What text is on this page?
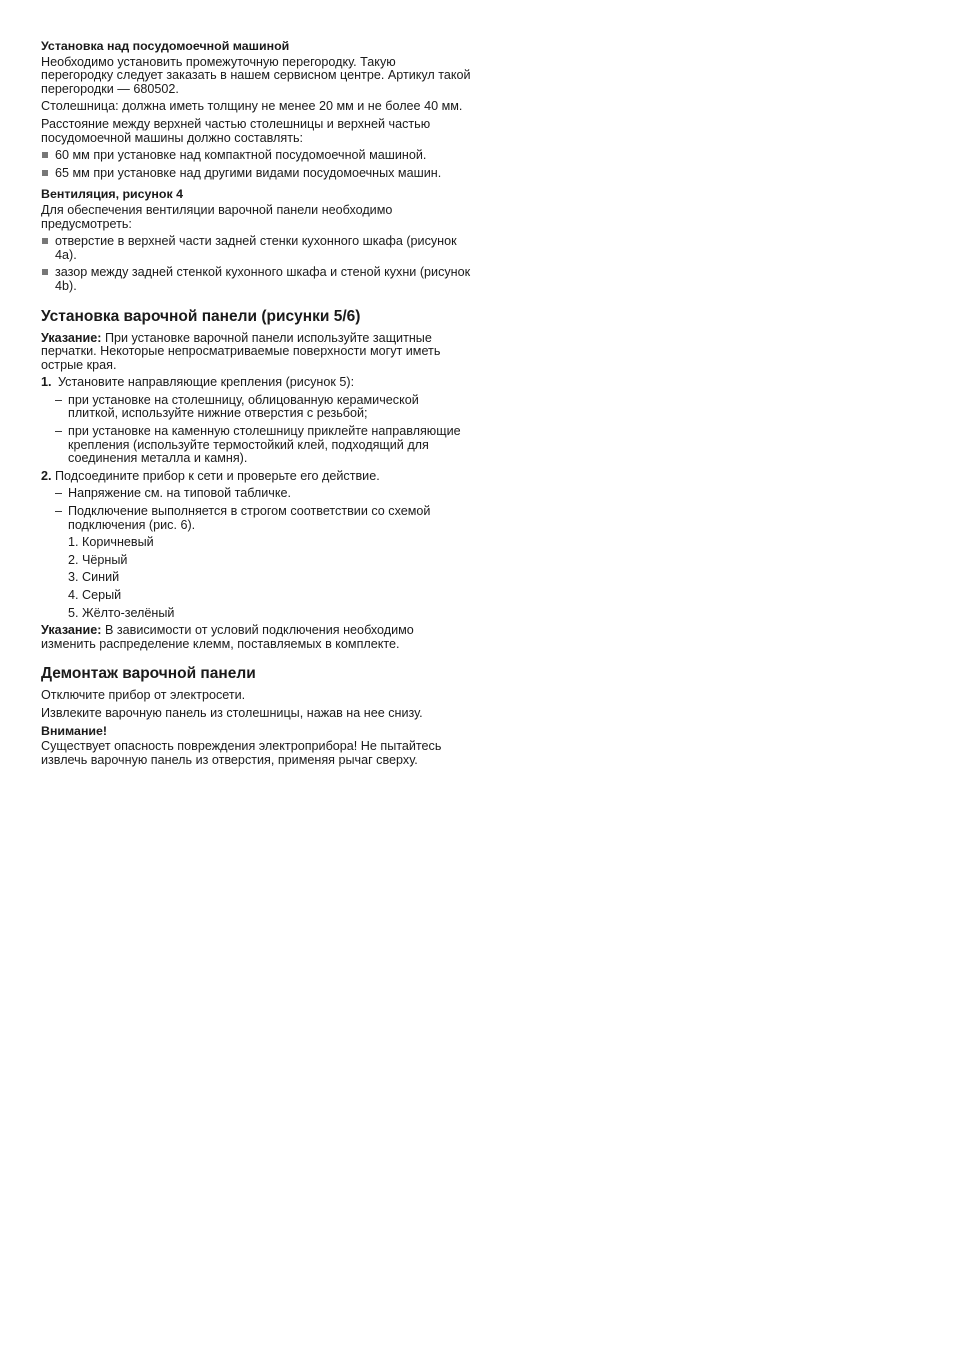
Установка над посудомоечной машиной
Необходимо установить промежуточную перегородку. Такую перегородку следует заказать в нашем сервисном центре. Артикул такой перегородки — 680502.
Столешница: должна иметь толщину не менее 20 мм и не более 40 мм.
Расстояние между верхней частью столешницы и верхней частью посудомоечной машины должно составлять:
60 мм при установке над компактной посудомоечной машиной.
65 мм при установке над другими видами посудомоечных машин.
Вентиляция, рисунок 4
Для обеспечения вентиляции варочной панели необходимо предусмотреть:
отверстие в верхней части задней стенки кухонного шкафа (рисунок 4a).
зазор между задней стенкой кухонного шкафа и стеной кухни (рисунок 4b).
Установка варочной панели (рисунки 5/6)
Указание: При установке варочной панели используйте защитные перчатки. Некоторые непросматриваемые поверхности могут иметь острые края.
1. Установите направляющие крепления (рисунок 5):
– при установке на столешницу, облицованную керамической плиткой, используйте нижние отверстия с резьбой;
– при установке на каменную столешницу приклейте направляющие крепления (используйте термостойкий клей, подходящий для соединения металла и камня).
2. Подсоедините прибор к сети и проверьте его действие.
– Напряжение см. на типовой табличке.
– Подключение выполняется в строгом соответствии со схемой подключения (рис. 6).
1. Коричневый
2. Чёрный
3. Синий
4. Серый
5. Жёлто-зелёный
Указание: В зависимости от условий подключения необходимо изменить распределение клемм, поставляемых в комплекте.
Демонтаж варочной панели
Отключите прибор от электросети.
Извлеките варочную панель из столешницы, нажав на нее снизу.
Внимание!
Существует опасность повреждения электроприбора! Не пытайтесь извлечь варочную панель из отверстия, применяя рычаг сверху.
